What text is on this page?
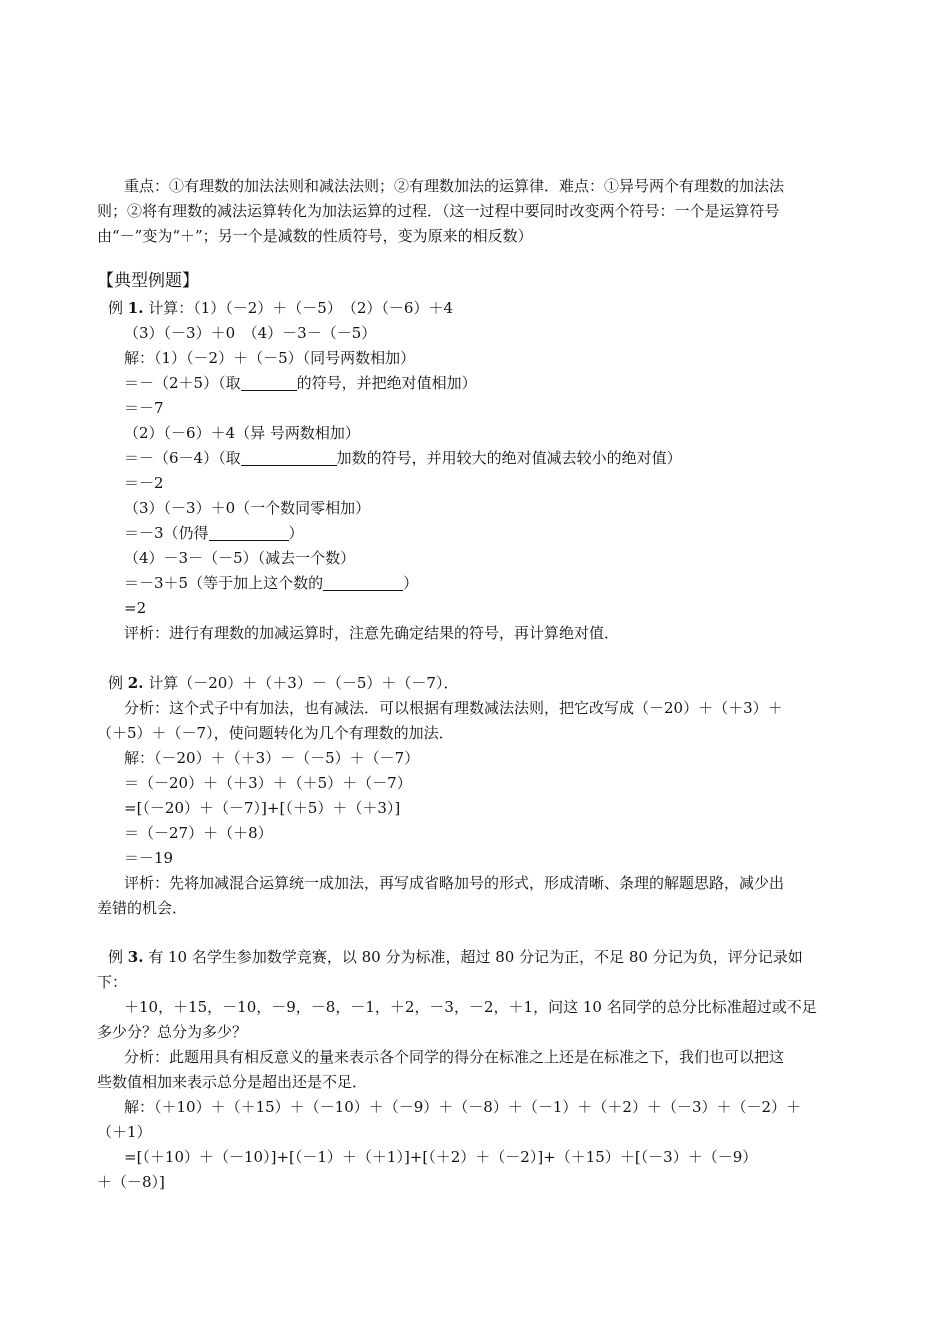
重点：①有理数的加法法则和减法法则；②有理数加法的运算律．难点：①异号两个有理数的加法法
则；②将有理数的减法运算转化为加法运算的过程．（这一过程中要同时改变两个符号：一个是运算符号
由“－”变为“＋”；另一个是减数的性质符号，变为原来的相反数）
【典型例题】
例 1. 计算：（1）（－2）＋（－5）　（2）（－6）＋4
（3）（－3）＋0　（4）－3－（－5）
解：（1）（－2）＋（－5）（同号两数相加）
＝－（2＋5）（取	的符号，并把绝对值相加）
＝－7
（2）（－6）＋4（异 号两数相加）
＝－（6－4）（取	加数的符号，并用较大的绝对值减去较小的绝对值）
＝－2
（3）（－3）＋0（一个数同零相加）
＝－3（仍得	）
（4）－3－（－5）（减去一个数）
＝－3＋5（等于加上这个数的	）
=2
评析：进行有理数的加减运算时，注意先确定结果的符号，再计算绝对值．
例 2. 计算（－20）＋（＋3）－（－5）＋（－7）．
分析：这个式子中有加法，也有减法．可以根据有理数减法法则，把它改写成（－20）＋（＋3）＋
（＋5）＋（－7），使问题转化为几个有理数的加法．
解：（－20）＋（＋3）－（－5）＋（－7）
＝（－20）＋（＋3）＋（＋5）＋（－7）
=[（－20）＋（－7）]+[（＋5）＋（＋3）]
＝（－27）＋（＋8）
＝－19
评析：先将加减混合运算统一成加法，再写成省略加号的形式，形成清晰、条理的解题思路，减少出
差错的机会．
例 3. 有 10 名学生参加数学竞赛，以 80 分为标准，超过 80 分记为正，不足 80 分记为负，评分记录如
下：
＋10，＋15，－10，－9，－8，－1，＋2，－3，－2，＋1，问这 10 名同学的总分比标准超过或不足
多少分？总分为多少？
分析：此题用具有相反意义的量来表示各个同学的得分在标准之上还是在标准之下，我们也可以把这
些数值相加来表示总分是超出还是不足．
解：（＋10）＋（＋15）＋（－10）＋（－9）＋（－8）＋（－1）＋（＋2）＋（－3）＋（－2）＋
（＋1）
=[（＋10）＋（－10）]+[（－1）＋（＋1）]+[（＋2）＋（－2）]+（＋15）＋[（－3）＋（－9）
＋（－8）]
